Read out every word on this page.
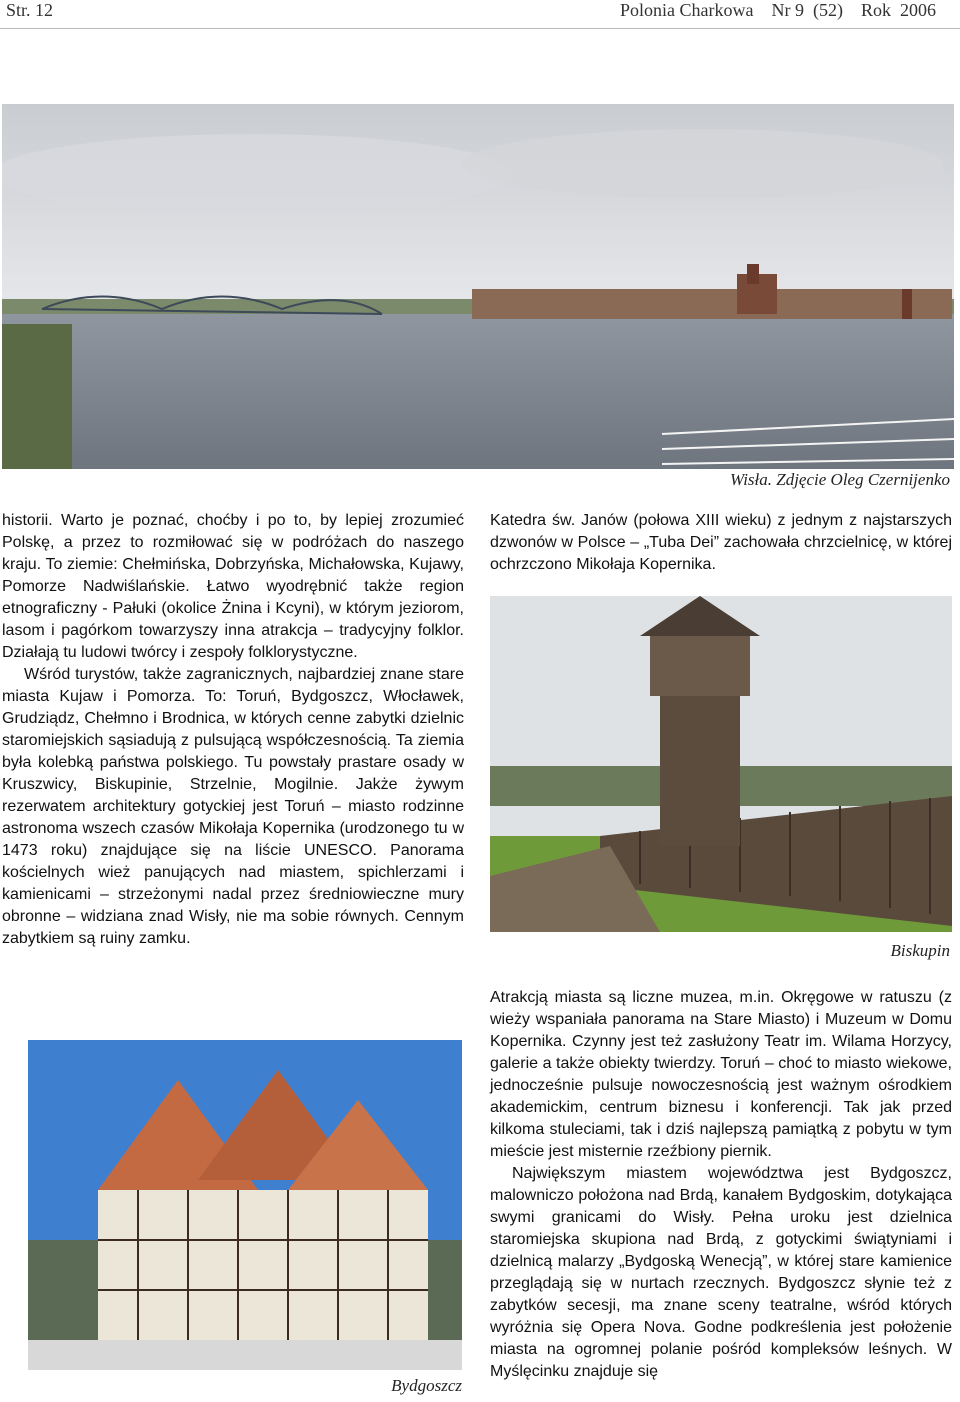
Str. 12	Polonia Charkowa    Nr 9  (52)    Rok  2006
Wisła. Zdjęcie Oleg Czernijenko

historii. Warto je poznać, choćby i po to, by lepiej zrozumieć Polskę, a przez to rozmiłować się w podróżach do naszego kraju. To ziemie: Chełmińska, Dobrzyńska, Michałowska, Kujawy, Pomorze Nadwiślańskie. Łatwo wyodrębnić także region etnograficzny - Pałuki (okolice Żnina i Kcyni), w którym jeziorom, lasom i pagórkom towarzyszy inna atrakcja – tradycyjny folklor. Działają tu ludowi twórcy i zespoły folklorystyczne.

Wśród turystów, także zagranicznych, najbardziej znane stare miasta Kujaw i Pomorza. To: Toruń, Bydgoszcz, Włocławek, Grudziądz, Chełmno i Brodnica, w których cenne zabytki dzielnic staromiejskich sąsiadują z pulsującą współczesnością. Ta ziemia była kolebką państwa polskiego. Tu powstały prastare osady w Kruszwicy, Biskupinie, Strzelnie, Mogilnie. Jakże żywym rezerwatem architektury gotyckiej jest Toruń – miasto rodzinne astronoma wszech czasów Mikołaja Kopernika (urodzonego tu w 1473 roku) znajdujące się na liście UNESCO. Panorama kościelnych wież panujących nad miastem, spichlerzami i kamienicami – strzeżonymi nadal przez średniowieczne mury obronne – widziana znad Wisły, nie ma sobie równych. Cennym zabytkiem są ruiny zamku.

Bydgoszcz

Katedra św. Janów (połowa XIII wieku) z jednym z najstarszych dzwonów w Polsce – „Tuba Dei” zachowała chrzcielnicę, w której ochrzczono Mikołaja Kopernika.

Biskupin

Atrakcją miasta są liczne muzea, m.in. Okręgowe w ratuszu (z wieży wspaniała panorama na Stare Miasto) i Muzeum w Domu Kopernika. Czynny jest też zasłużony Teatr im. Wilama Horzycy, galerie a także obiekty twierdzy. Toruń – choć to miasto wiekowe, jednocześnie pulsuje nowoczesnością jest ważnym ośrodkiem akademickim, centrum biznesu i konferencji. Tak jak przed kilkoma stuleciami, tak i dziś najlepszą pamiątką z pobytu w tym mieście jest misternie rzeźbiony piernik.

Największym miastem województwa jest Bydgoszcz, malowniczo położona nad Brdą, kanałem Bydgoskim, dotykająca swymi granicami do Wisły. Pełna uroku jest dzielnica staromiejska skupiona nad Brdą, z gotyckimi świątyniami i dzielnicą malarzy „Bydgoską Wenecją”, w której stare kamienice przeglądają się w nurtach rzecznych. Bydgoszcz słynie też z zabytków secesji, ma znane sceny teatralne, wśród których wyróżnia się Opera Nova. Godne podkreślenia jest położenie miasta na ogromnej polanie pośród kompleksów leśnych. W Myślęcinku znajduje się
